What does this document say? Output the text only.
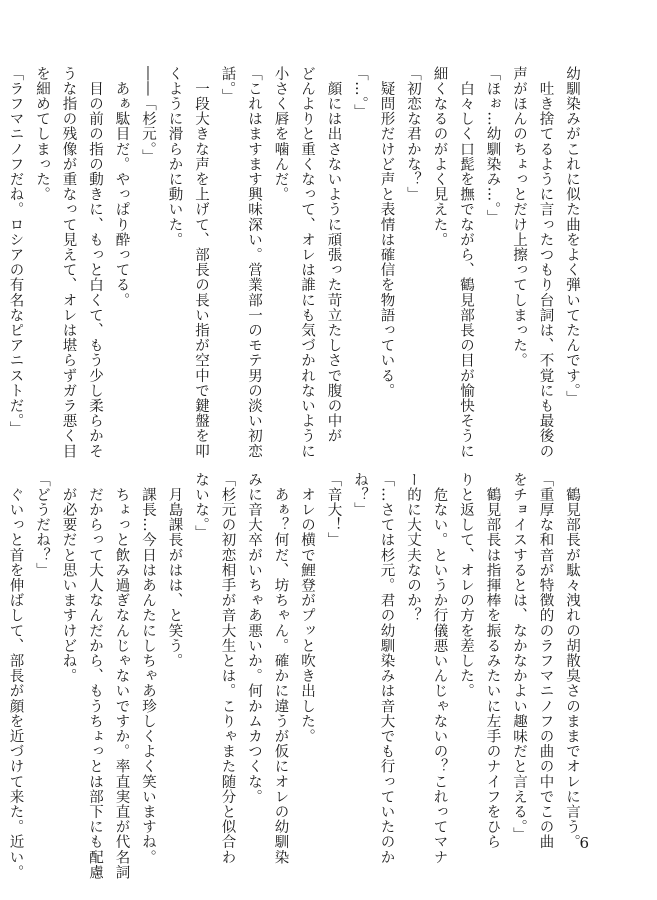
幼馴染みがこれに似た曲をよく弾いてたんです。」
　吐き捨てるように言ったつもり台詞は、不覚にも最後の
声がほんのちょっとだけ上擦ってしまった。
「ほぉ…幼馴染み…。」
　白々しく口髭を撫でながら、鶴見部長の目が愉快そうに
細くなるのがよく見えた。
「初恋な君かな？」
　疑問形だけど声と表情は確信を物語っている。
「…。」
　顔には出さないように頑張った苛立たしさで腹の中が
どんよりと重くなって、オレは誰にも気づかれないように
小さく唇を噛んだ。
「これはますます興味深い。営業部一のモテ男の淡い初恋
話。」
　一段大きな声を上げて、部長の長い指が空中で鍵盤を叩
くように滑らかに動いた。
――「杉元。」
　あぁ駄目だ。やっぱり酔ってる。
　目の前の指の動きに、もっと白くて、もう少し柔らかそ
うな指の残像が重なって見えて、オレは堪らずガラ悪く目
を細めてしまった。
「ラフマニノフだね。ロシアの有名なピアニストだ。」
　鶴見部長が駄々洩れの胡散臭さのままでオレに言う。
「重厚な和音が特徴的のラフマニノフの曲の中でこの曲
をチョイスするとは、なかなかよい趣味だと言える。」
　鶴見部長は指揮棒を振るみたいに左手のナイフをひら
りと返して、オレの方を差した。
　危ない。というか行儀悪いんじゃないの？これってマナ
ー的に大丈夫なのか？
「…さては杉元。君の幼馴染みは音大でも行っていたのか
ね？」
「音大！」
　オレの横で鯉登がプッと吹き出した。
　あぁ？何だ、坊ちゃん。確かに違うが仮にオレの幼馴染
みに音大卒がいちゃあ悪いか。何かムカつくな。
「杉元の初恋相手が音大生とは。こりゃまた随分と似合わ
ないな。」
　月島課長がはは、と笑う。
　課長…今日はあんたにしちゃあ珍しくよく笑いますね。
　ちょっと飲み過ぎなんじゃないですか。率直実直が代名詞
　だからって大人なんだから、もうちょっとは部下にも配慮
　が必要だと思いますけどね。
「どうだね？」
　ぐいっと首を伸ばして、部長が顔を近づけて来た。近い。	6
